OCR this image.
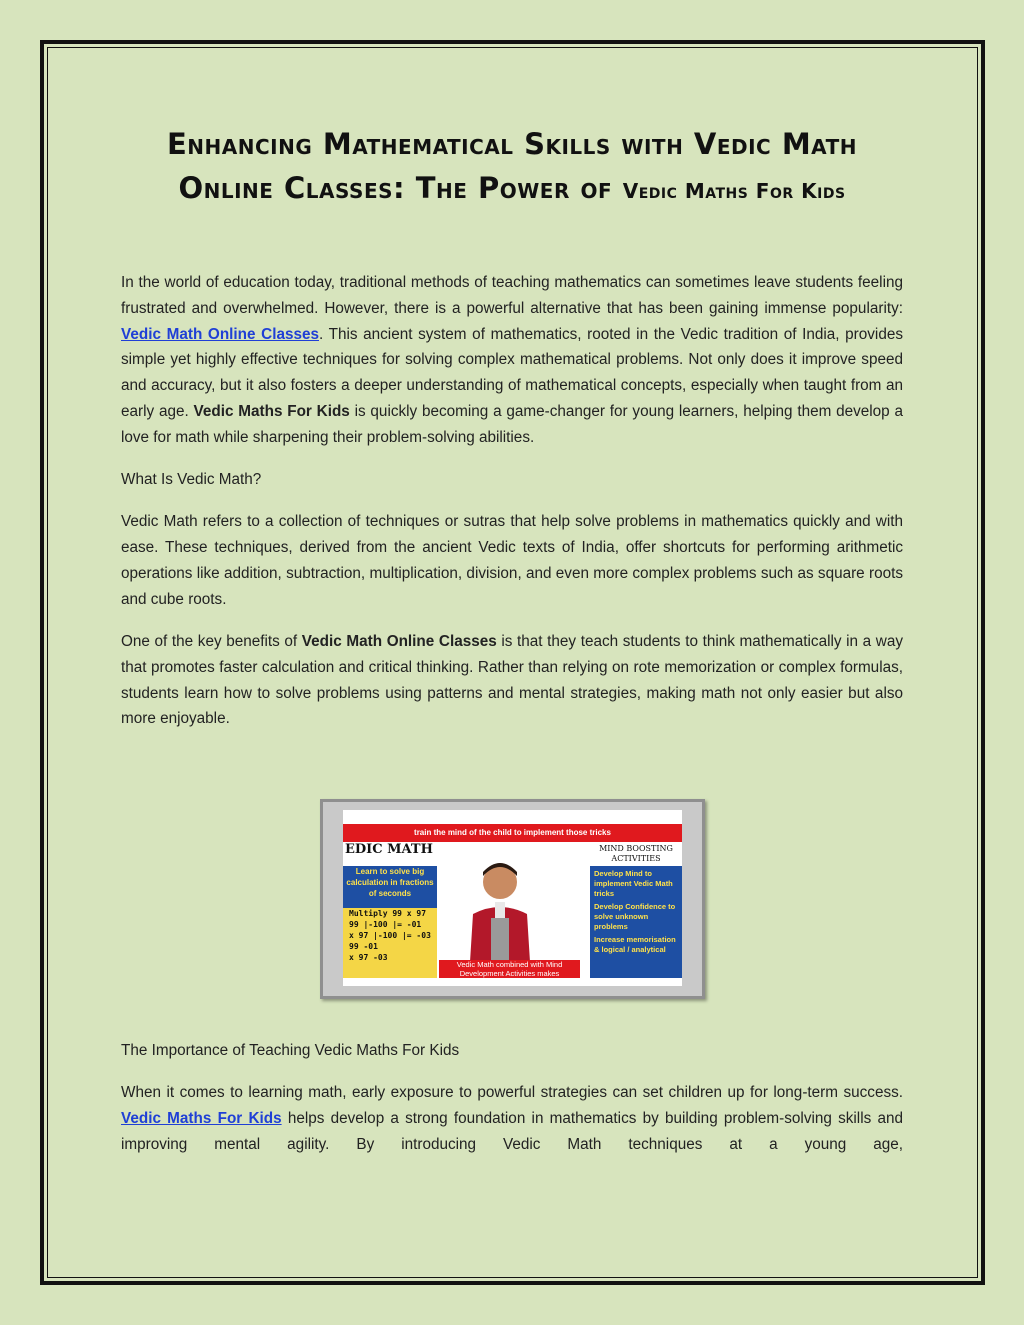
Enhancing Mathematical Skills with Vedic Math
Online Classes: The Power of Vedic Maths For Kids

In the world of education today, traditional methods of teaching mathematics can sometimes leave students feeling frustrated and overwhelmed. However, there is a powerful alternative that has been gaining immense popularity: Vedic Math Online Classes. This ancient system of mathematics, rooted in the Vedic tradition of India, provides simple yet highly effective techniques for solving complex mathematical problems. Not only does it improve speed and accuracy, but it also fosters a deeper understanding of mathematical concepts, especially when taught from an early age. Vedic Maths For Kids is quickly becoming a game-changer for young learners, helping them develop a love for math while sharpening their problem-solving abilities.

What Is Vedic Math?

Vedic Math refers to a collection of techniques or sutras that help solve problems in mathematics quickly and with ease. These techniques, derived from the ancient Vedic texts of India, offer shortcuts for performing arithmetic operations like addition, subtraction, multiplication, division, and even more complex problems such as square roots and cube roots.

One of the key benefits of Vedic Math Online Classes is that they teach students to think mathematically in a way that promotes faster calculation and critical thinking. Rather than relying on rote memorization or complex formulas, students learn how to solve problems using patterns and mental strategies, making math not only easier but also more enjoyable.

train the mind of the child to implement those tricks
EDIC MATH
Learn to solve big calculation in fractions of seconds
Multiply 99 x 97
99 |-100 |= -01
x 97 |-100 |= -03
99 -01
x 97 -03
MIND BOOSTING ACTIVITIES
Develop Mind to implement Vedic Math tricks
Develop Confidence to solve unknown problems
Increase memorisation & logical / analytical
Vedic Math combined with Mind Development Activities makes

The Importance of Teaching Vedic Maths For Kids

When it comes to learning math, early exposure to powerful strategies can set children up for long-term success. Vedic Maths For Kids helps develop a strong foundation in mathematics by building problem-solving skills and improving mental agility. By introducing Vedic Math techniques at a young age,
